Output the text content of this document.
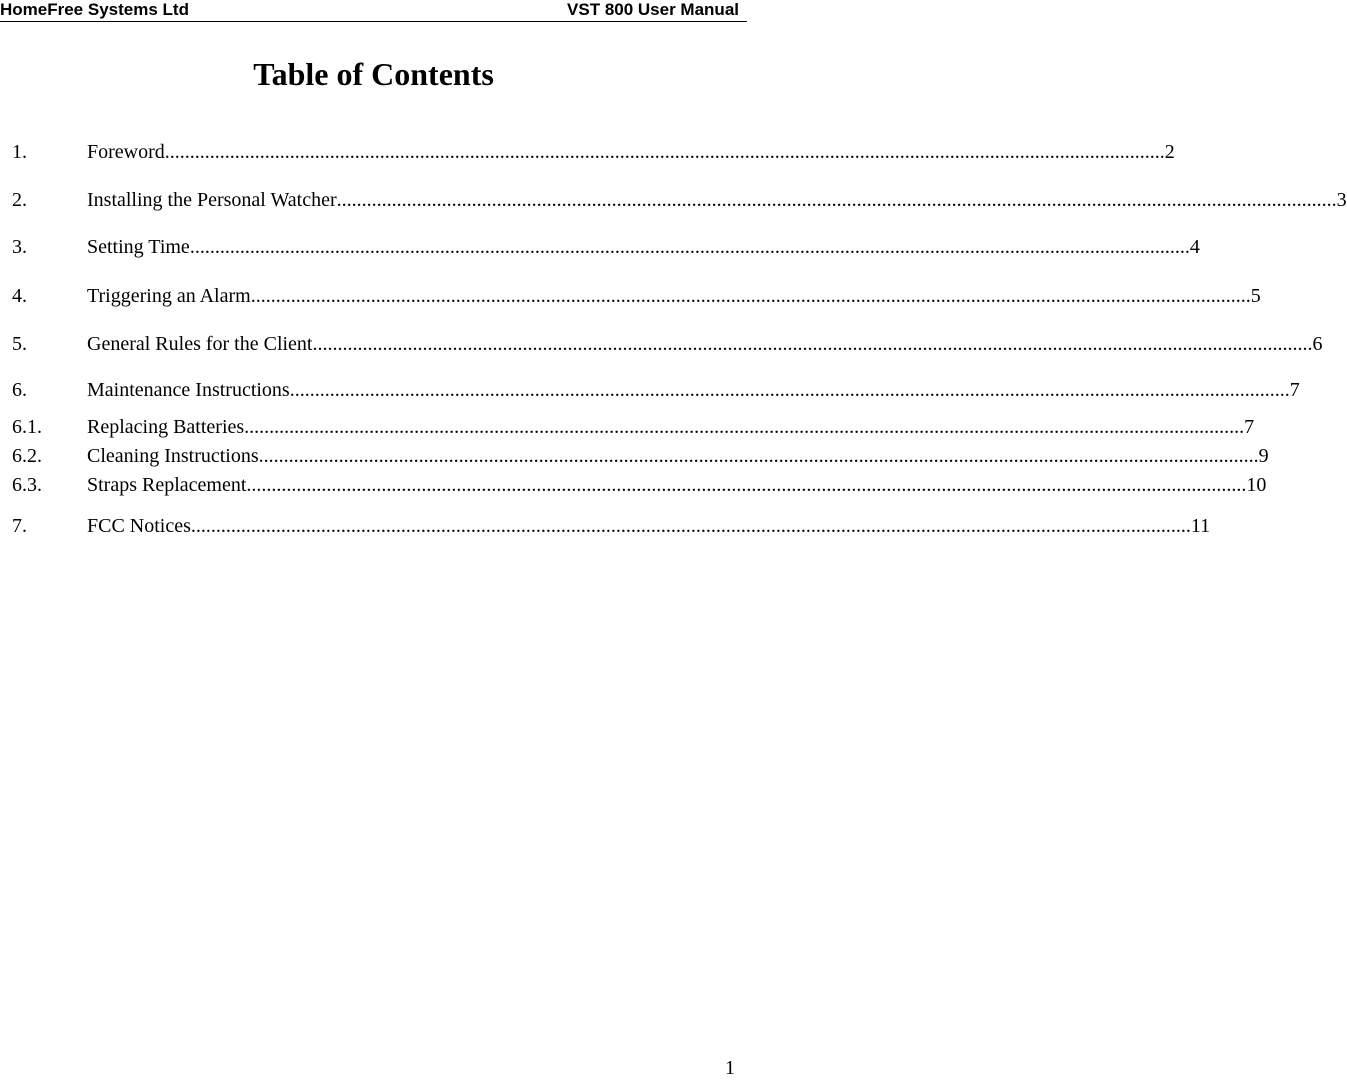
HomeFree Systems Ltd	VST 800 User Manual
Table of Contents
1.	Foreword ........................................................................................................................................................................................................ 2
2.	Installing the Personal Watcher ........................................................................................................................................................................................................ 3
3.	Setting Time ........................................................................................................................................................................................................ 4
4.	Triggering an Alarm ........................................................................................................................................................................................................ 5
5.	General Rules for the Client ........................................................................................................................................................................................................ 6
6.	Maintenance Instructions ........................................................................................................................................................................................................ 7
6.1.	Replacing Batteries ........................................................................................................................................................................................................ 7
6.2.	Cleaning Instructions ........................................................................................................................................................................................................ 9
6.3.	Straps Replacement ........................................................................................................................................................................................................ 10
7.	FCC Notices ........................................................................................................................................................................................................ 11
1
